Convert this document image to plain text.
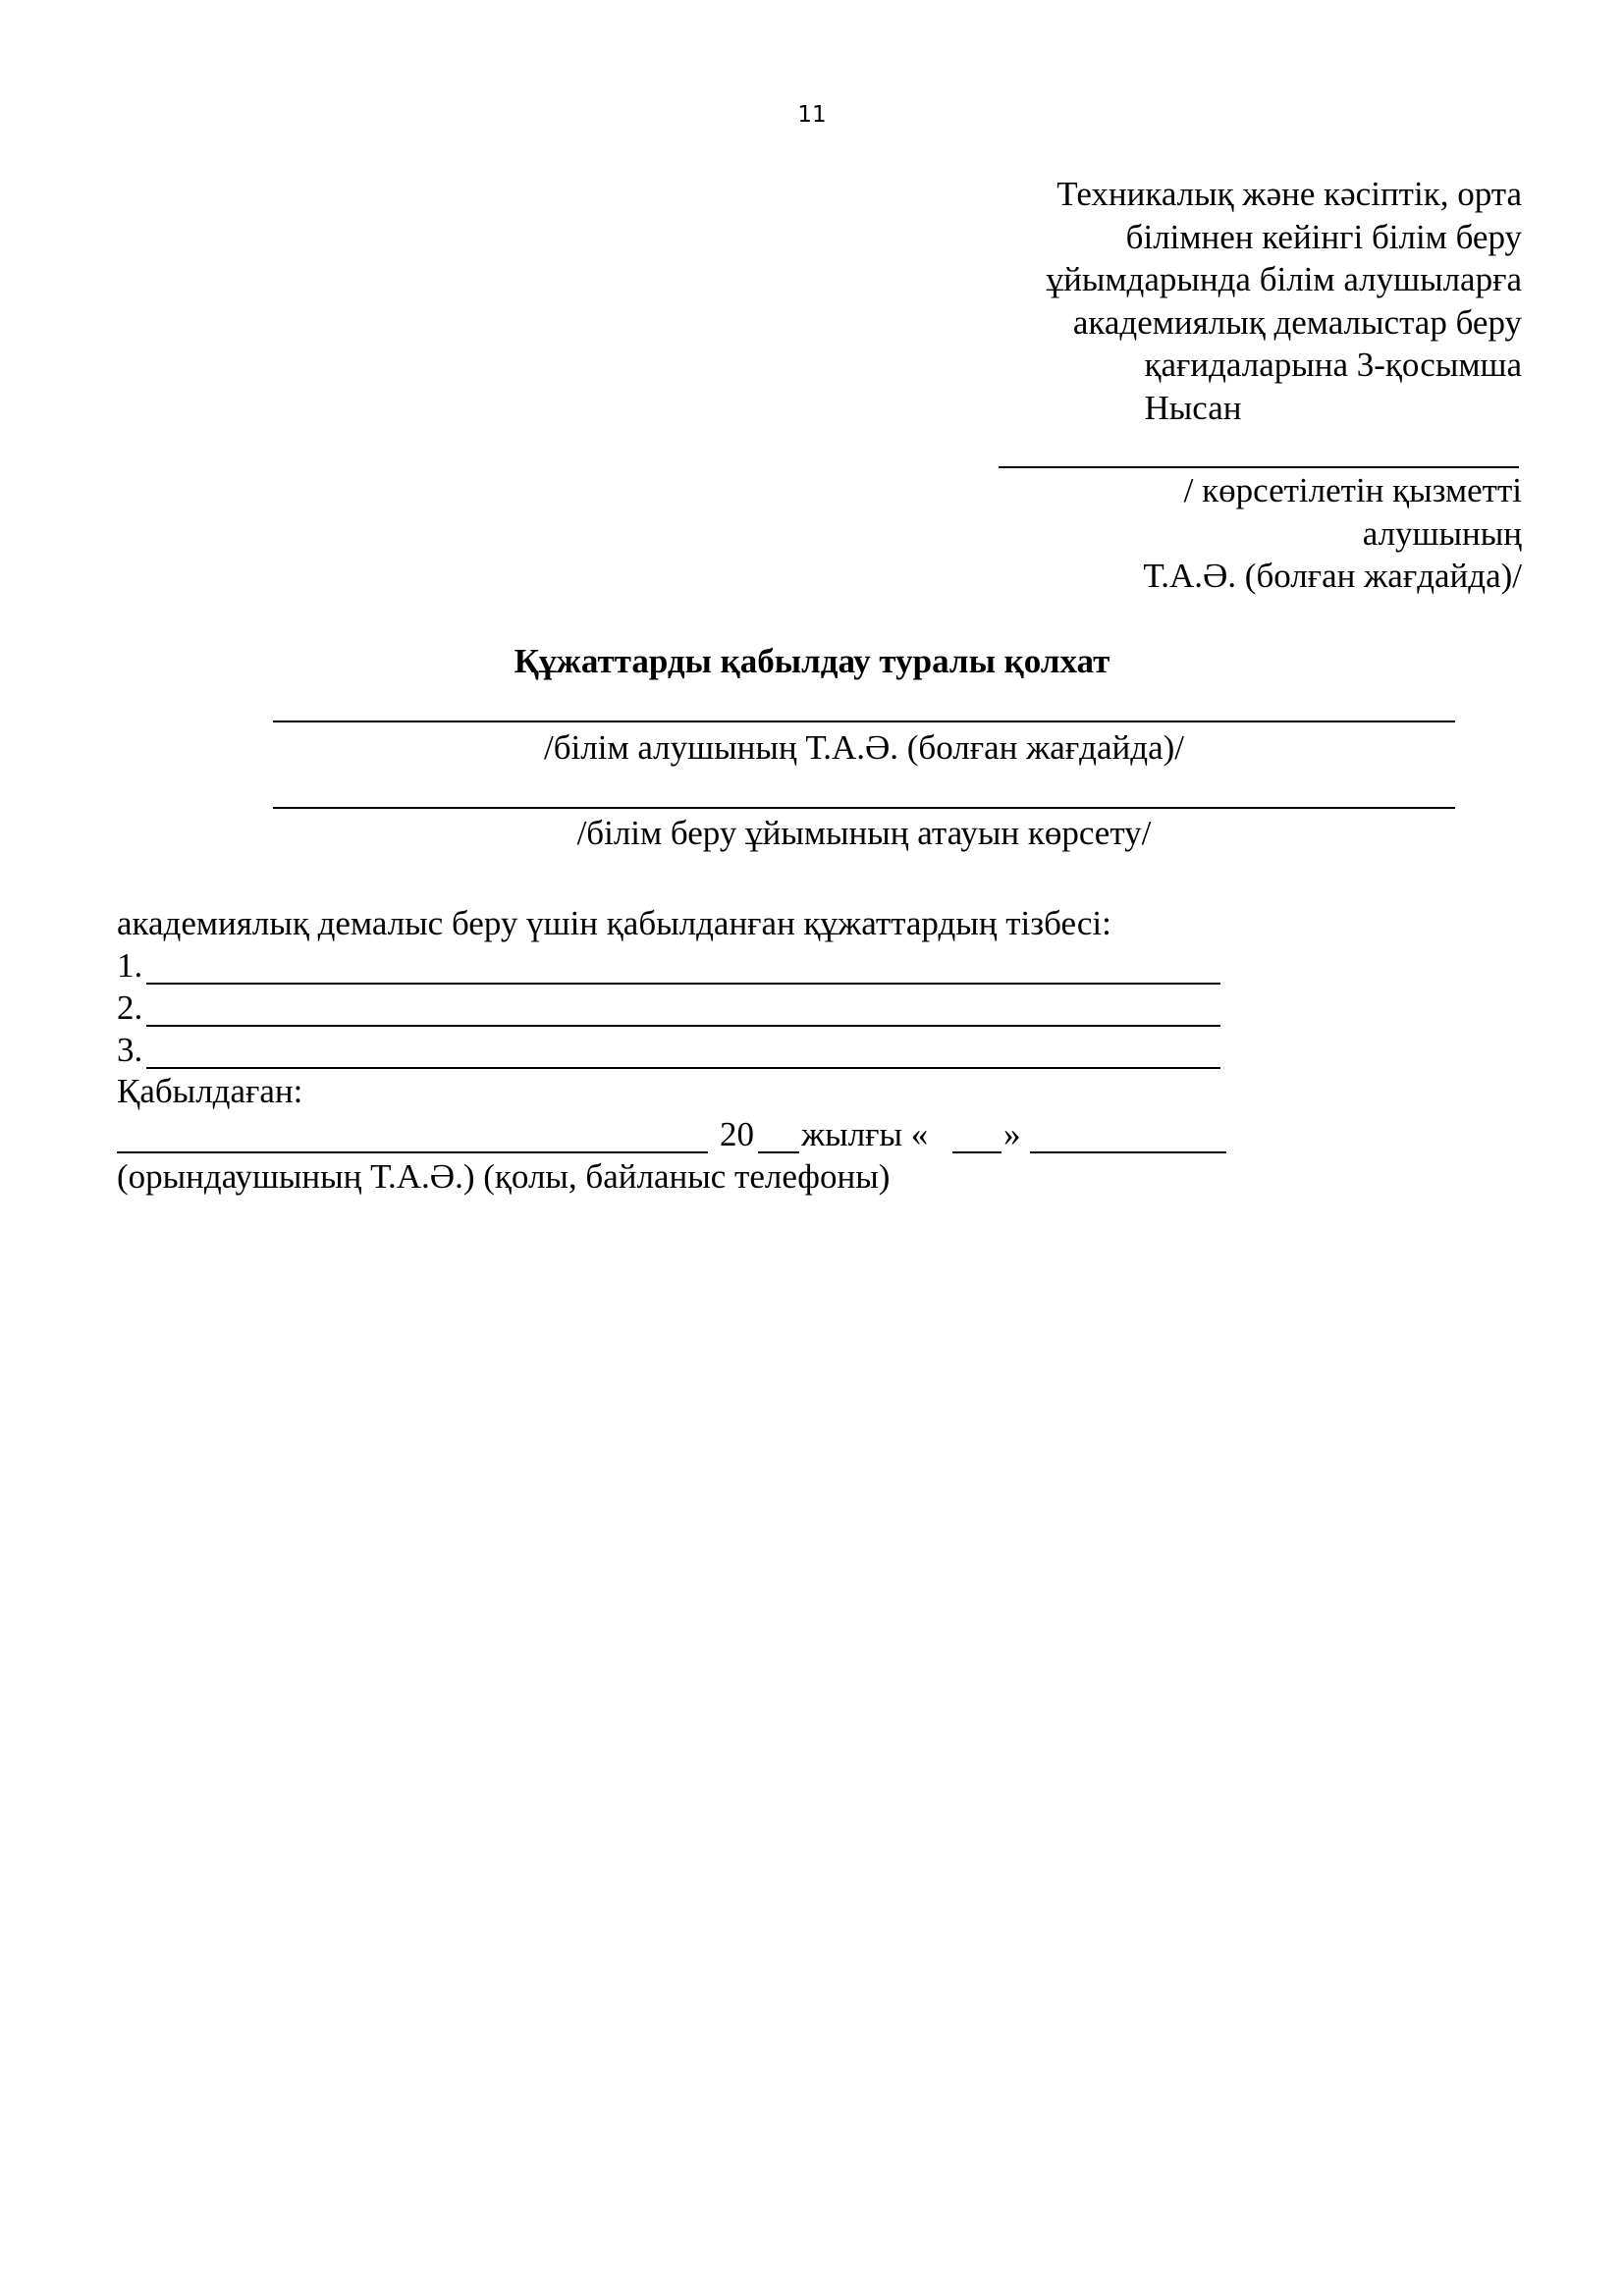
11
Техникалық және кәсіптік, орта
білімнен кейінгі білім беру
ұйымдарында білім алушыларға
академиялық демалыстар беру
қағидаларына 3-қосымша
Нысан
/ көрсетілетін қызметті
алушының
Т.А.Ә. (болған жағдайда)/
Құжаттарды қабылдау туралы қолхат
/білім алушының Т.А.Ә. (болған жағдайда)/
/білім беру ұйымының атауын көрсету/
академиялық демалыс беру үшін қабылданған құжаттардың тізбесі:
1.
2.
3.
Қабылдаған:
20 жылғы « »
(орындаушының Т.А.Ә.) (қолы, байланыс телефоны)
